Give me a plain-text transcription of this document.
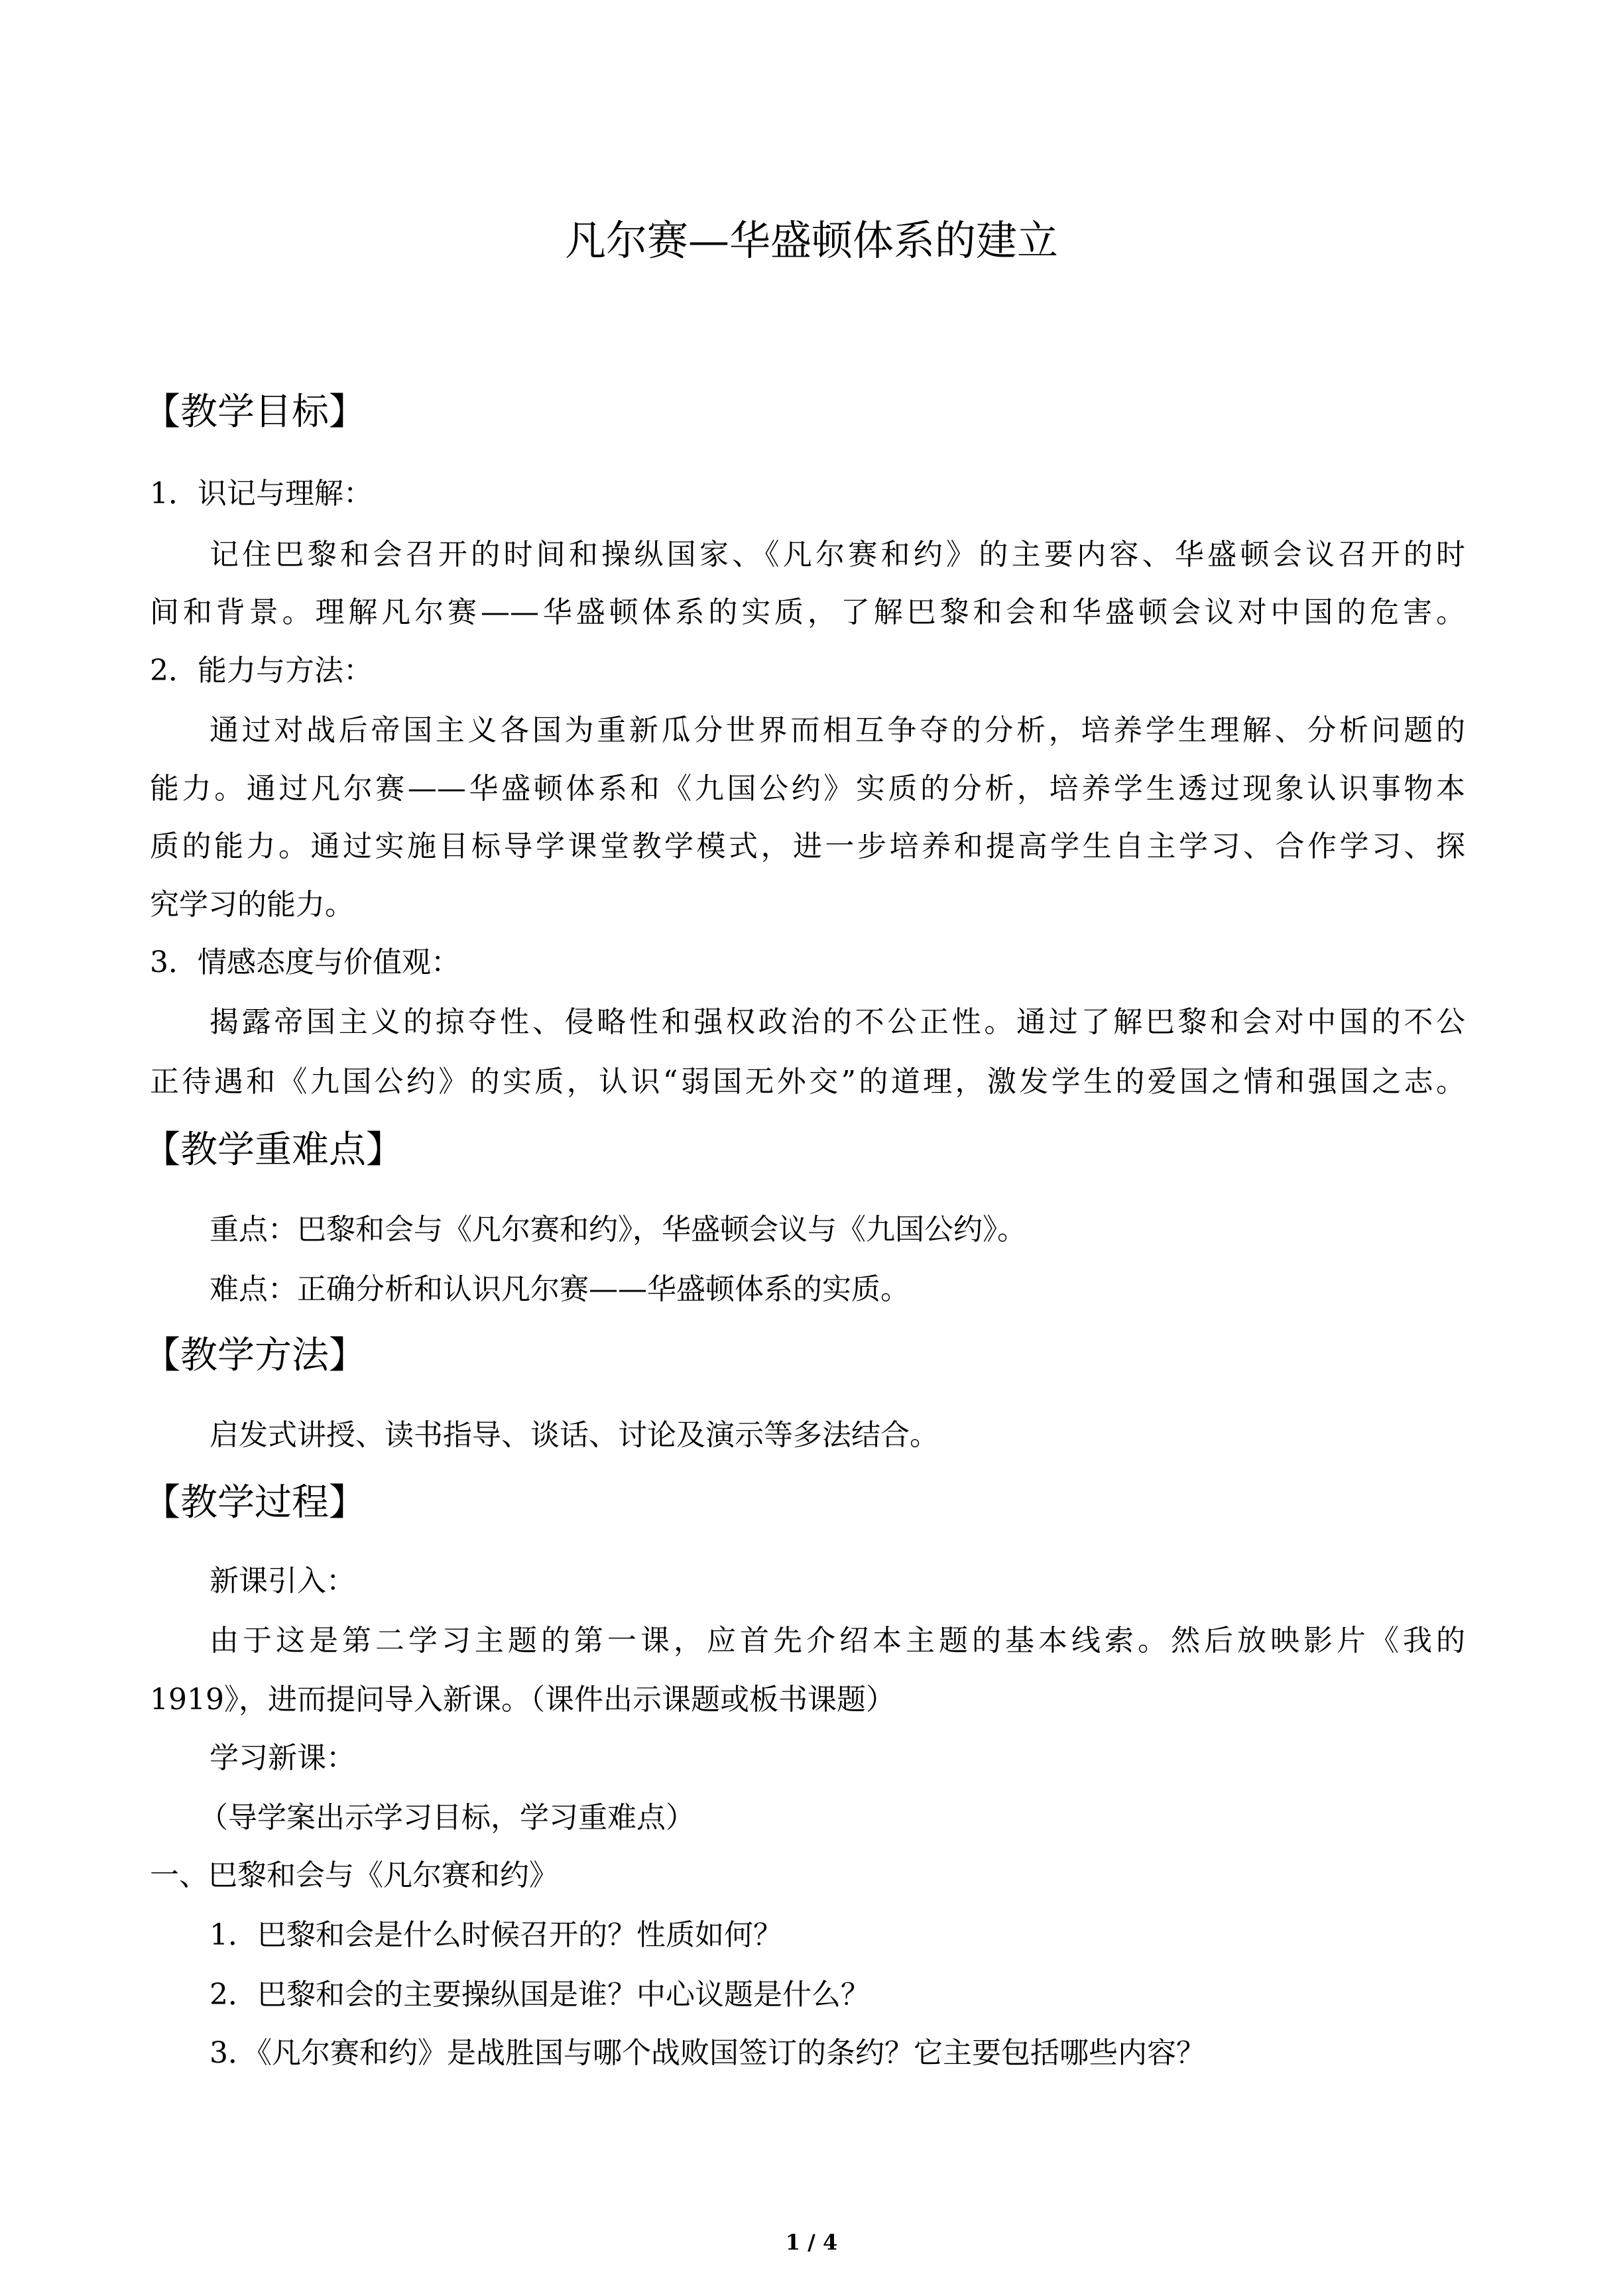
凡尔赛—华盛顿体系的建立
【教学目标】
1．识记与理解：
记住巴黎和会召开的时间和操纵国家、《凡尔赛和约》的主要内容、华盛顿会议召开的时
间和背景。理解凡尔赛——华盛顿体系的实质，了解巴黎和会和华盛顿会议对中国的危害。
2．能力与方法：
通过对战后帝国主义各国为重新瓜分世界而相互争夺的分析，培养学生理解、分析问题的
能力。通过凡尔赛——华盛顿体系和《九国公约》实质的分析，培养学生透过现象认识事物本
质的能力。通过实施目标导学课堂教学模式，进一步培养和提高学生自主学习、合作学习、探
究学习的能力。
3．情感态度与价值观：
揭露帝国主义的掠夺性、侵略性和强权政治的不公正性。通过了解巴黎和会对中国的不公
正待遇和《九国公约》的实质，认识“弱国无外交”的道理，激发学生的爱国之情和强国之志。
【教学重难点】
重点：巴黎和会与《凡尔赛和约》，华盛顿会议与《九国公约》。
难点：正确分析和认识凡尔赛——华盛顿体系的实质。
【教学方法】
启发式讲授、读书指导、谈话、讨论及演示等多法结合。
【教学过程】
新课引入：
由于这是第二学习主题的第一课，应首先介绍本主题的基本线索。然后放映影片《我的
1919》，进而提问导入新课。（课件出示课题或板书课题）
学习新课：
（导学案出示学习目标，学习重难点）
一、巴黎和会与《凡尔赛和约》
1．巴黎和会是什么时候召开的？性质如何？
2．巴黎和会的主要操纵国是谁？中心议题是什么？
3．《凡尔赛和约》是战胜国与哪个战败国签订的条约？它主要包括哪些内容？
1 / 4
